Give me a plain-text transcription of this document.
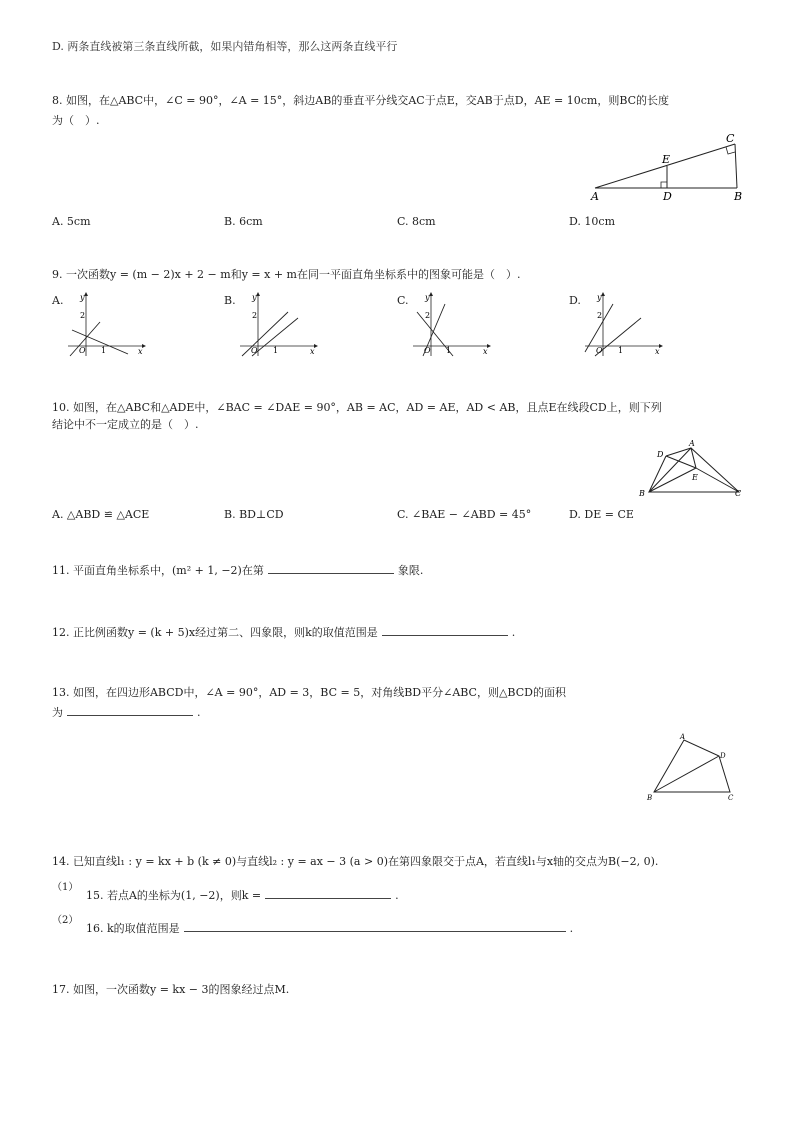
D. 两条直线被第三条直线所截，如果内错角相等，那么这两条直线平行
8. 如图，在△ABC中，∠C = 90°，∠A = 15°，斜边AB的垂直平分线交AC于点E，交AB于点D，AE = 10cm，则BC的长度
为（　）.
C
E
A	D	B
A. 5cm	B. 6cm	C. 8cm	D. 10cm
9. 一次函数y = (m − 2)x + 2 − m和y = x + m在同一平面直角坐标系中的图象可能是（　）.
A.	B.	C.	D.
y
x
O 1
2
y
x
O 1
2
y
x
O 1
2
y
x
O 1
2
10. 如图，在△ABC和△ADE中，∠BAC = ∠DAE = 90°，AB = AC，AD = AE，AD < AB，且点E在线段CD上，则下列
结论中不一定成立的是（　）.
A
D
E
B	C
A. △ABD ≌ △ACE	B. BD⊥CD	C. ∠BAE − ∠ABD = 45°	D. DE = CE
11. 平面直角坐标系中，(m² + 1, −2)在第	象限.
12. 正比例函数y = (k + 5)x经过第二、四象限，则k的取值范围是	.
13. 如图，在四边形ABCD中，∠A = 90°，AD = 3，BC = 5，对角线BD平分∠ABC，则△BCD的面积
为	.
A
D
B	C
14. 已知直线l₁ : y = kx + b (k ≠ 0)与直线l₂ : y = ax − 3 (a > 0)在第四象限交于点A，若直线l₁与x轴的交点为B(−2, 0).
（1）
15. 若点A的坐标为(1, −2)，则k =	.
（2）
16. k的取值范围是	.
17. 如图，一次函数y = kx − 3的图象经过点M.
